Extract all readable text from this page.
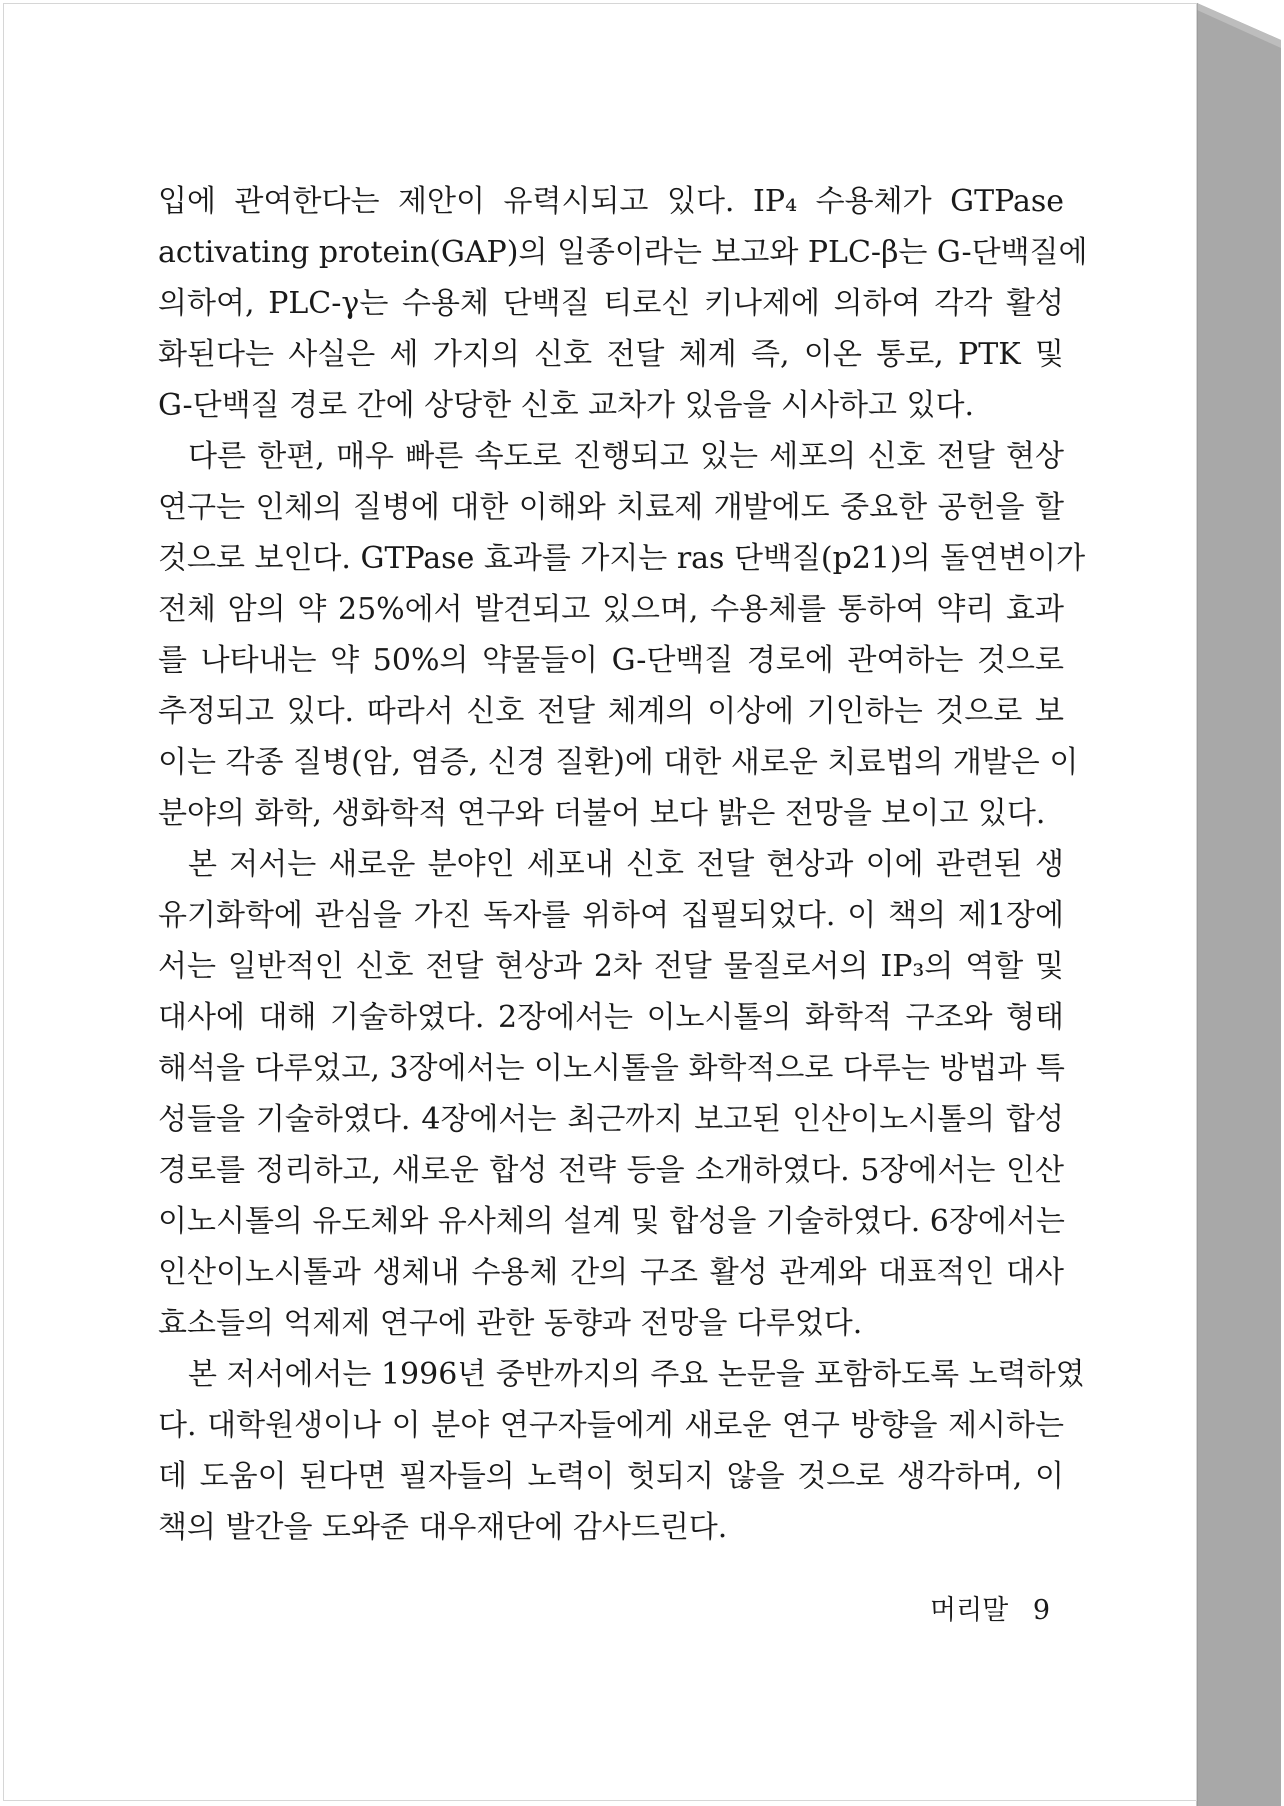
입에 관여한다는 제안이 유력시되고 있다. IP₄ 수용체가 GTPase
activating protein(GAP)의 일종이라는 보고와 PLC-β는 G-단백질에
의하여, PLC-γ는 수용체 단백질 티로신 키나제에 의하여 각각 활성
화된다는 사실은 세 가지의 신호 전달 체계 즉, 이온 통로, PTK 및
G-단백질 경로 간에 상당한 신호 교차가 있음을 시사하고 있다.
다른 한편, 매우 빠른 속도로 진행되고 있는 세포의 신호 전달 현상
연구는 인체의 질병에 대한 이해와 치료제 개발에도 중요한 공헌을 할
것으로 보인다. GTPase 효과를 가지는 ras 단백질(p21)의 돌연변이가
전체 암의 약 25%에서 발견되고 있으며, 수용체를 통하여 약리 효과
를 나타내는 약 50%의 약물들이 G-단백질 경로에 관여하는 것으로
추정되고 있다. 따라서 신호 전달 체계의 이상에 기인하는 것으로 보
이는 각종 질병(암, 염증, 신경 질환)에 대한 새로운 치료법의 개발은 이
분야의 화학, 생화학적 연구와 더불어 보다 밝은 전망을 보이고 있다.
본 저서는 새로운 분야인 세포내 신호 전달 현상과 이에 관련된 생
유기화학에 관심을 가진 독자를 위하여 집필되었다. 이 책의 제1장에
서는 일반적인 신호 전달 현상과 2차 전달 물질로서의 IP₃의 역할 및
대사에 대해 기술하였다. 2장에서는 이노시톨의 화학적 구조와 형태
해석을 다루었고, 3장에서는 이노시톨을 화학적으로 다루는 방법과 특
성들을 기술하였다. 4장에서는 최근까지 보고된 인산이노시톨의 합성
경로를 정리하고, 새로운 합성 전략 등을 소개하였다. 5장에서는 인산
이노시톨의 유도체와 유사체의 설계 및 합성을 기술하였다. 6장에서는
인산이노시톨과 생체내 수용체 간의 구조 활성 관계와 대표적인 대사
효소들의 억제제 연구에 관한 동향과 전망을 다루었다.
본 저서에서는 1996년 중반까지의 주요 논문을 포함하도록 노력하였
다. 대학원생이나 이 분야 연구자들에게 새로운 연구 방향을 제시하는
데 도움이 된다면 필자들의 노력이 헛되지 않을 것으로 생각하며, 이
책의 발간을 도와준 대우재단에 감사드린다.
머리말 9
